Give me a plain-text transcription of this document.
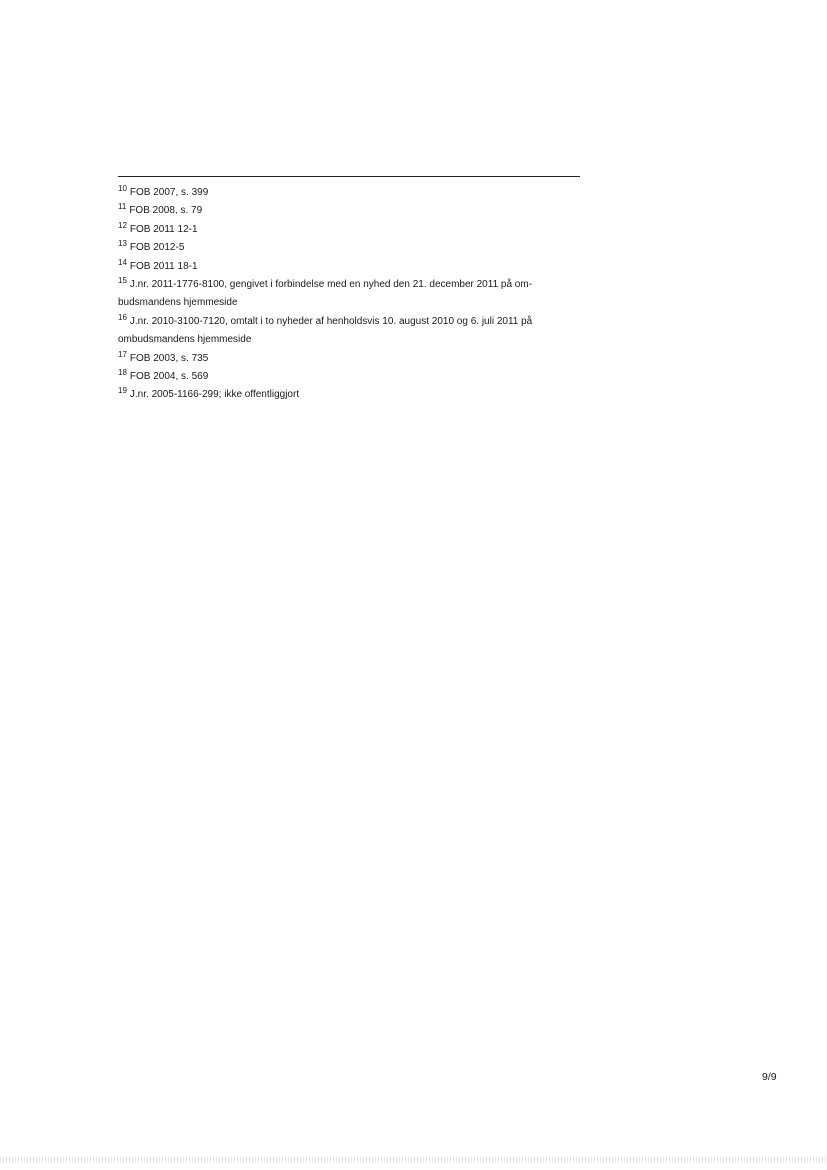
$^{10}$ FOB 2007, s. 399

$^{11}$ FOB 2008, s. 79

$^{12}$ FOB 2011 12-1

$^{13}$ FOB 2012-5

$^{14}$ FOB 2011 18-1

$^{15}$ J.nr. 2011-1776-8100, gengivet i forbindelse med en nyhed den 21. december 2011 på om-budsmandens hjemmeside

$^{16}$ J.nr. 2010-3100-7120, omtalt i to nyheder af henholdsvis 10. august 2010 og 6. juli 2011 på ombudsmandens hjemmeside

$^{17}$ FOB 2003, s. 735

$^{18}$ FOB 2004, s. 569

$^{19}$ J.nr. 2005-1166-299; ikke offentliggjort

9/9
